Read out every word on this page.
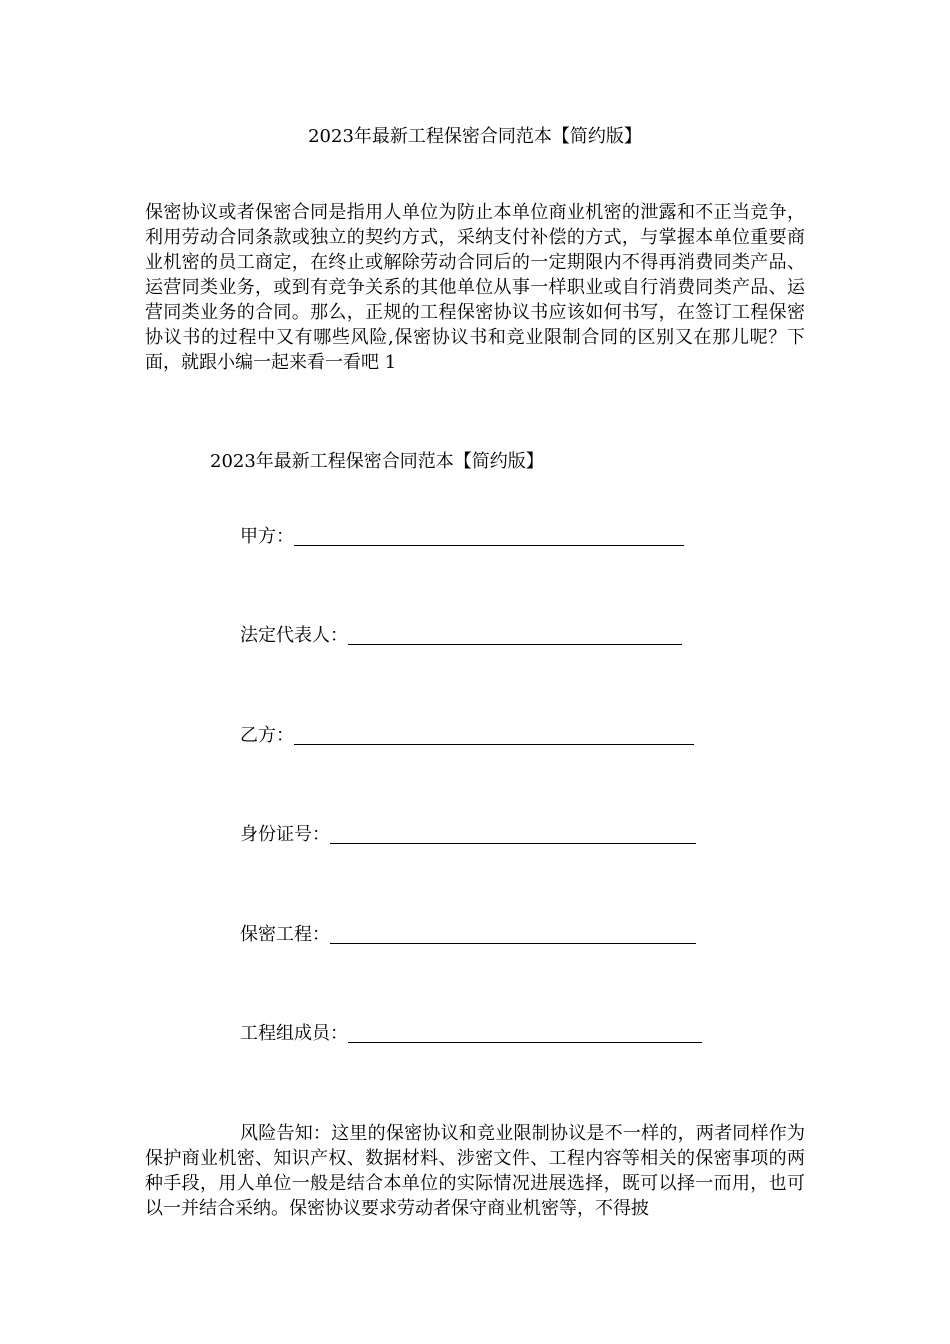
2023年最新工程保密合同范本【简约版】

保密协议或者保密合同是指用人单位为防止本单位商业机密的泄露和不正当竞争，利用劳动合同条款或独立的契约方式，采纳支付补偿的方式，与掌握本单位重要商业机密的员工商定，在终止或解除劳动合同后的一定期限内不得再消费同类产品、运营同类业务，或到有竞争关系的其他单位从事一样职业或自行消费同类产品、运营同类业务的合同。那么，正规的工程保密协议书应该如何书写，在签订工程保密协议书的过程中又有哪些风险,保密协议书和竞业限制合同的区别又在那儿呢？下面，就跟小编一起来看一看吧 1

2023年最新工程保密合同范本【简约版】
甲方：
法定代表人：
乙方：
身份证号：
保密工程：
工程组成员：

风险告知：这里的保密协议和竞业限制协议是不一样的，两者同样作为保护商业机密、知识产权、数据材料、涉密文件、工程内容等相关的保密事项的两种手段，用人单位一般是结合本单位的实际情况进展选择，既可以择一而用，也可以一并结合采纳。保密协议要求劳动者保守商业机密等，不得披
